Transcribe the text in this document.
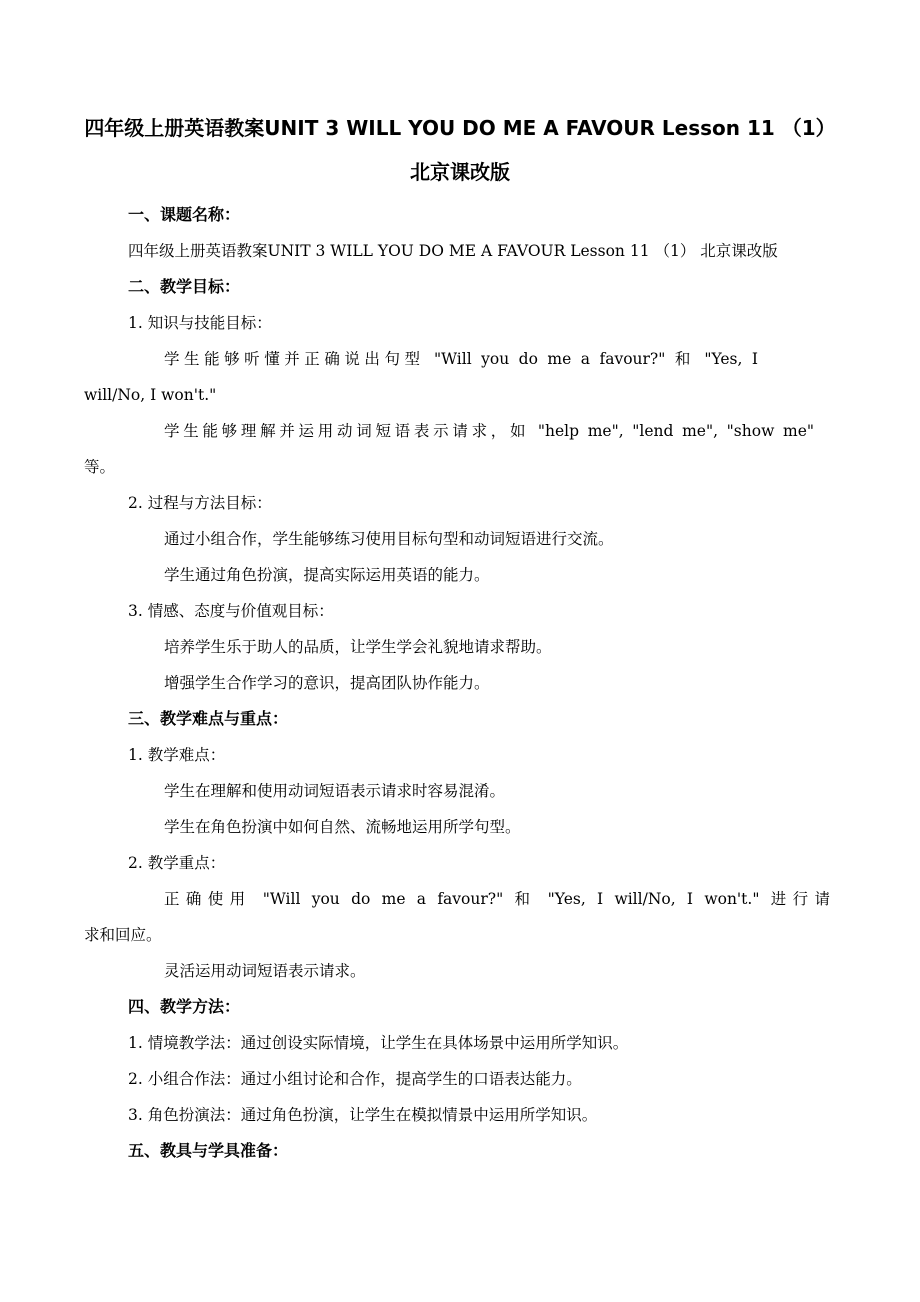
四年级上册英语教案UNIT 3 WILL YOU DO ME A FAVOUR Lesson 11 （1）
北京课改版
一、课题名称：
四年级上册英语教案UNIT 3 WILL YOU DO ME A FAVOUR Lesson 11 （1） 北京课改版
二、教学目标：
1. 知识与技能目标：
学生能够听懂并正确说出句型 "Will you do me a favour?" 和 "Yes, I
will/No, I won't."
学生能够理解并运用动词短语表示请求，如 "help me", "lend me", "show me"
等。
2. 过程与方法目标：
通过小组合作，学生能够练习使用目标句型和动词短语进行交流。
学生通过角色扮演，提高实际运用英语的能力。
3. 情感、态度与价值观目标：
培养学生乐于助人的品质，让学生学会礼貌地请求帮助。
增强学生合作学习的意识，提高团队协作能力。
三、教学难点与重点：
1. 教学难点：
学生在理解和使用动词短语表示请求时容易混淆。
学生在角色扮演中如何自然、流畅地运用所学句型。
2. 教学重点：
正确使用 "Will you do me a favour?" 和 "Yes, I will/No, I won't." 进行请
求和回应。
灵活运用动词短语表示请求。
四、教学方法：
1. 情境教学法：通过创设实际情境，让学生在具体场景中运用所学知识。
2. 小组合作法：通过小组讨论和合作，提高学生的口语表达能力。
3. 角色扮演法：通过角色扮演，让学生在模拟情景中运用所学知识。
五、教具与学具准备：
